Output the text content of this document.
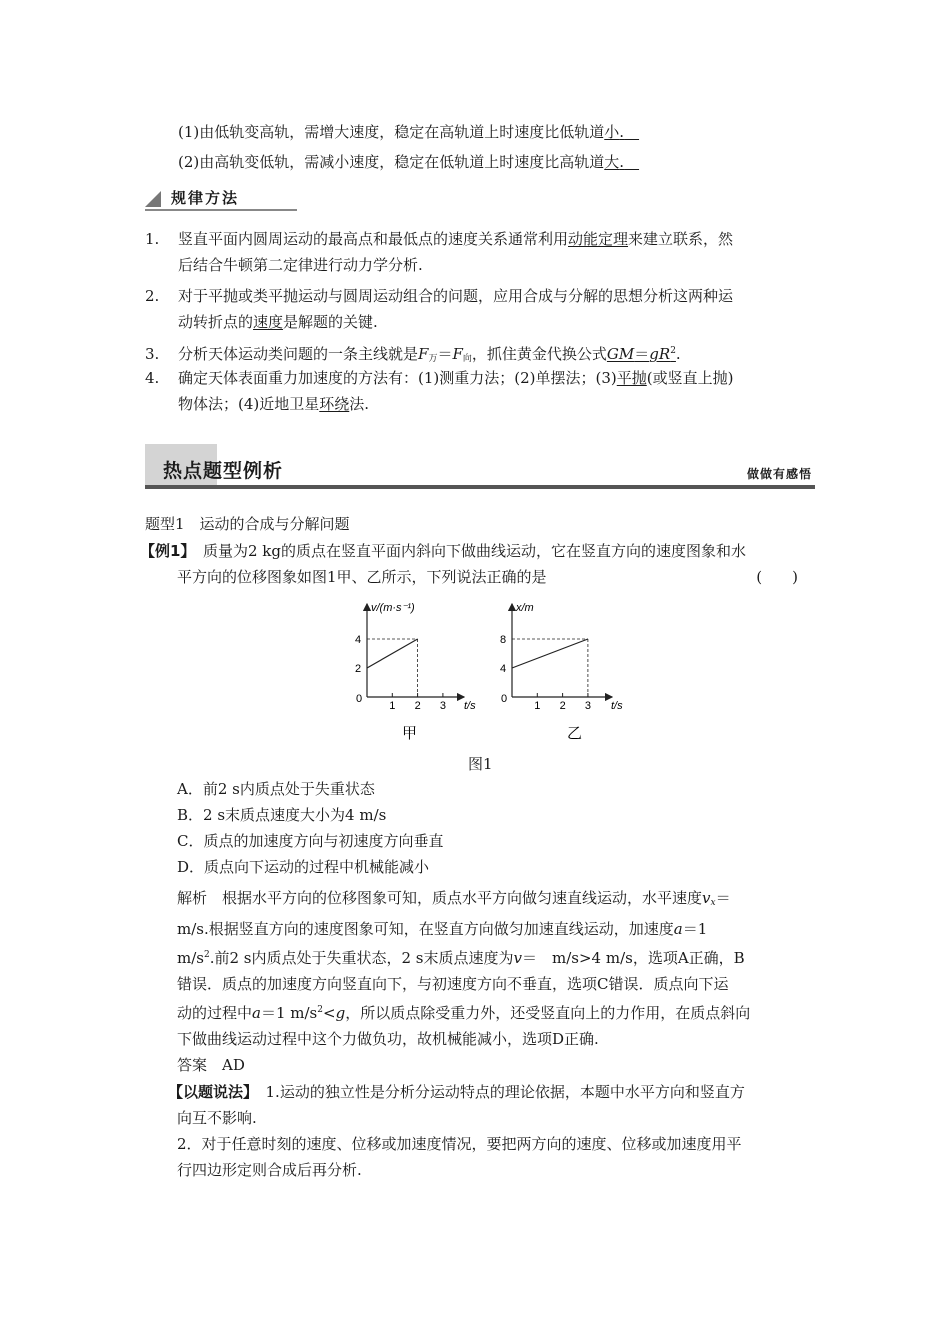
(1)由低轨变高轨，需增大速度，稳定在高轨道上时速度比低轨道小.  
(2)由高轨变低轨，需减小速度，稳定在低轨道上时速度比高轨道大.  
规律方法
1. 竖直平面内圆周运动的最高点和最低点的速度关系通常利用动能定理来建立联系，然
后结合牛顿第二定律进行动力学分析.
2. 对于平抛或类平抛运动与圆周运动组合的问题，应用合成与分解的思想分析这两种运
动转折点的速度是解题的关键.
3. 分析天体运动类问题的一条主线就是$F_万=F_向$，抓住黄金代换公式$GM=gR^2$.
4. 确定天体表面重力加速度的方法有：(1)测重力法；(2)单摆法；(3)平抛(或竖直上抛)
物体法；(4)近地卫星环绕法.
热点题型例析	做做有感悟
题型1　运动的合成与分解问题
【例1】  质量为2 kg的质点在竖直平面内斜向下做曲线运动，它在竖直方向的速度图象和水
平方向的位移图象如图1甲、乙所示，下列说法正确的是	(　　)
v/(m·s⁻¹)
t/s
0
2
4
1 2 3
x/m
t/s
0
4
8
1 2 3
甲	乙
图1
A．前2 s内质点处于失重状态
B．2 s末质点速度大小为4 m/s
C．质点的加速度方向与初速度方向垂直
D．质点向下运动的过程中机械能减小
解析　根据水平方向的位移图象可知，质点水平方向做匀速直线运动，水平速度$v_x=$
m/s.根据竖直方向的速度图象可知，在竖直方向做匀加速直线运动，加速度a＝1
$m/s^2$.前2 s内质点处于失重状态，2 s末质点速度为v＝　m/s>4 m/s，选项A正确，B
错误．质点的加速度方向竖直向下，与初速度方向不垂直，选项C错误．质点向下运
动的过程中a＝1 $m/s^2<g$，所以质点除受重力外，还受竖直向上的力作用，在质点斜向
下做曲线运动过程中这个力做负功，故机械能减小，选项D正确.
答案　AD
【以题说法】  1.运动的独立性是分析分运动特点的理论依据，本题中水平方向和竖直方
向互不影响.
2．对于任意时刻的速度、位移或加速度情况，要把两方向的速度、位移或加速度用平
行四边形定则合成后再分析.
